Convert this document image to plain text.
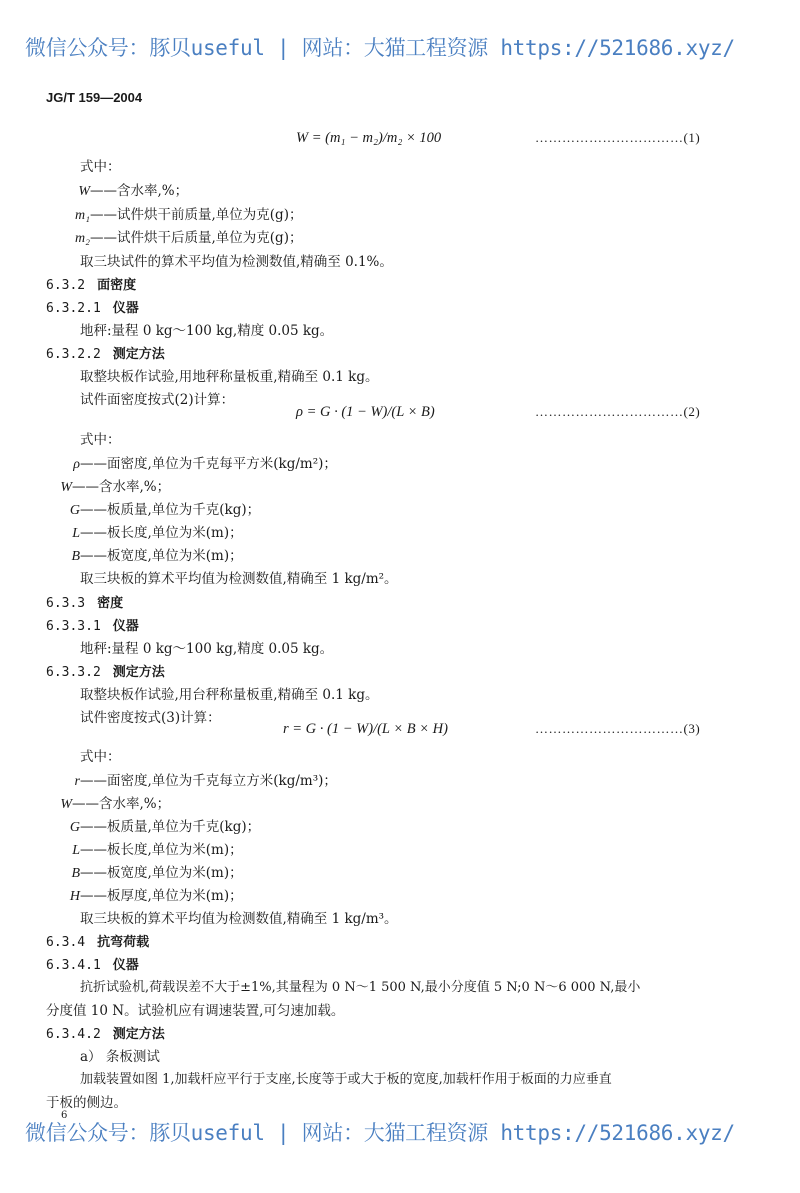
微信公众号：豚贝useful | 网站：大猫工程资源 https://521686.xyz/
JG/T 159—2004
W = (m₁ − m₂)/m₂ × 100	……………………………(1)
式中：
W——含水率,%；
m₁——试件烘干前质量,单位为克(g)；
m₂——试件烘干后质量,单位为克(g)；
取三块试件的算术平均值为检测数值,精确至 0.1%。
6.3.2 面密度
6.3.2.1 仪器
地秤:量程 0 kg～100 kg,精度 0.05 kg。
6.3.2.2 测定方法
取整块板作试验,用地秤称量板重,精确至 0.1 kg。
试件面密度按式(2)计算：
ρ = G · (1 − W)/(L × B)	……………………………(2)
式中：
ρ——面密度,单位为千克每平方米(kg/m²)；
W——含水率,%；
G——板质量,单位为千克(kg)；
L——板长度,单位为米(m)；
B——板宽度,单位为米(m)；
取三块板的算术平均值为检测数值,精确至 1 kg/m²。
6.3.3 密度
6.3.3.1 仪器
地秤:量程 0 kg～100 kg,精度 0.05 kg。
6.3.3.2 测定方法
取整块板作试验,用台秤称量板重,精确至 0.1 kg。
试件密度按式(3)计算：
r = G · (1 − W)/(L × B × H)	……………………………(3)
式中：
r——面密度,单位为千克每立方米(kg/m³)；
W——含水率,%；
G——板质量,单位为千克(kg)；
L——板长度,单位为米(m)；
B——板宽度,单位为米(m)；
H——板厚度,单位为米(m)；
取三块板的算术平均值为检测数值,精确至 1 kg/m³。
6.3.4 抗弯荷载
6.3.4.1 仪器
抗折试验机,荷载误差不大于±1%,其量程为 0 N～1 500 N,最小分度值 5 N;0 N～6 000 N,最小
分度值 10 N。试验机应有调速装置,可匀速加载。
6.3.4.2 测定方法
a） 条板测试
加载装置如图 1,加载杆应平行于支座,长度等于或大于板的宽度,加载杆作用于板面的力应垂直
于板的侧边。
6
微信公众号：豚贝useful | 网站：大猫工程资源 https://521686.xyz/
